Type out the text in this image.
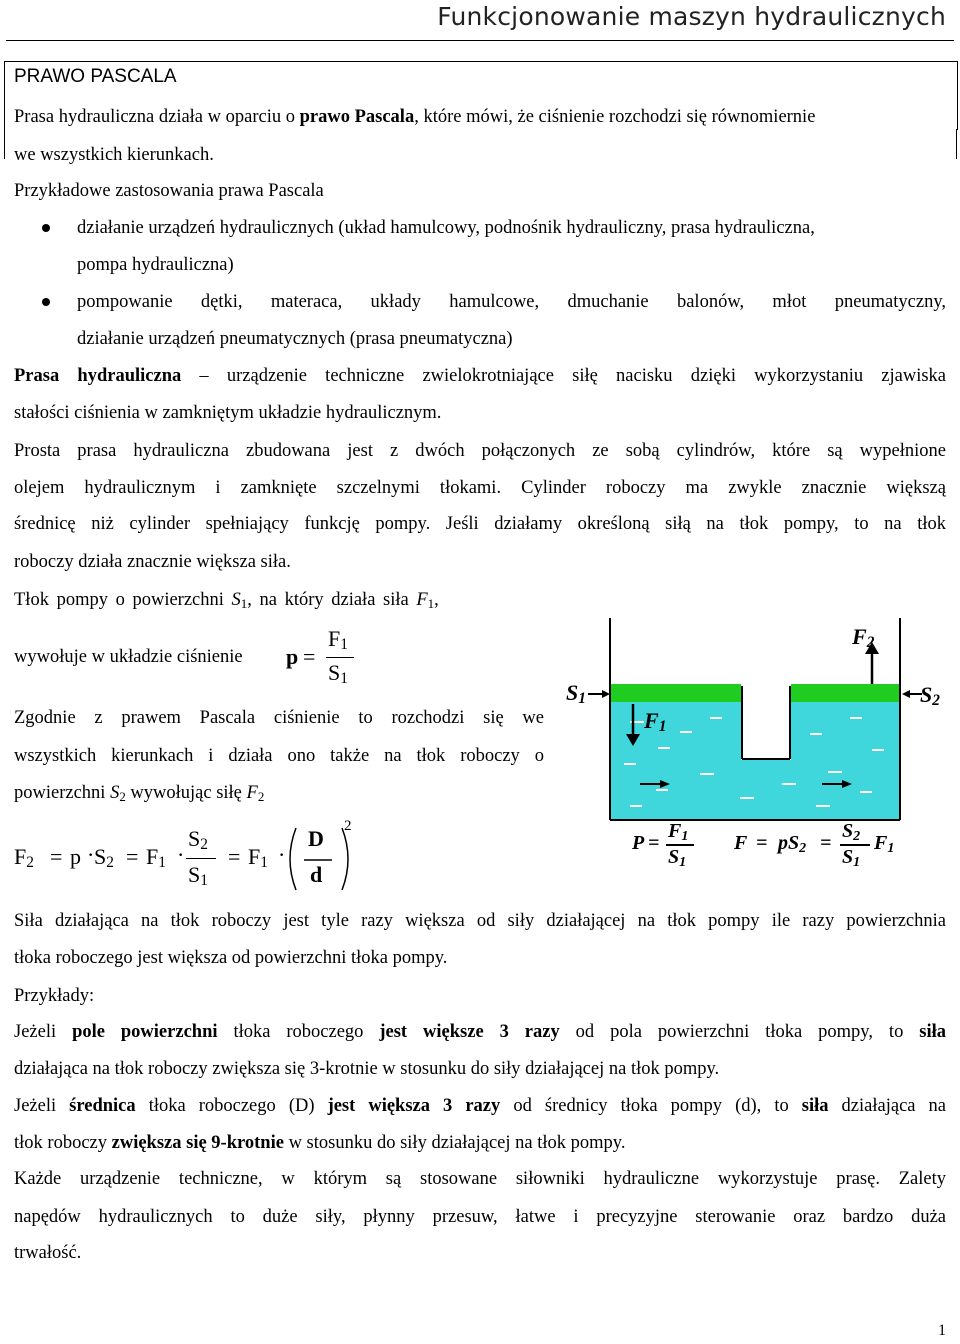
Funkcjonowanie maszyn hydraulicznych
PRAWO PASCALA
Prasa hydrauliczna działa w oparciu o prawo Pascala, które mówi, że ciśnienie rozchodzi się równomiernie
we wszystkich kierunkach.
Przykładowe zastosowania prawa Pascala
działanie urządzeń hydraulicznych (układ hamulcowy, podnośnik hydrauliczny, prasa hydrauliczna,
pompa hydrauliczna)
pompowanie dętki, materaca, układy hamulcowe, dmuchanie balonów, młot pneumatyczny,
działanie urządzeń pneumatycznych (prasa pneumatyczna)
Prasa hydrauliczna – urządzenie techniczne zwielokrotniające siłę nacisku dzięki wykorzystaniu zjawiska
stałości ciśnienia w zamkniętym układzie hydraulicznym.
Prosta prasa hydrauliczna zbudowana jest z dwóch połączonych ze sobą cylindrów, które są wypełnione
olejem hydraulicznym i zamknięte szczelnymi tłokami. Cylinder roboczy ma zwykle znacznie większą
średnicę niż cylinder spełniający funkcję pompy. Jeśli działamy określoną siłą na tłok pompy, to na tłok
roboczy działa znacznie większa siła.
Tłok pompy o powierzchni $S_1$, na który działa siła $F_1$,
wywołuje w układzie ciśnienie p =
$F_1$
$S_1$
Zgodnie z prawem Pascala ciśnienie to rozchodzi się we
wszystkich kierunkach i działa ono także na tłok roboczy o
powierzchni $S_2$ wywołując siłę $F_2$
$F_2 = p \cdot S_2 = F_1$ ·
$S_2$
$S_1$
= $F_1$ ·
D
d
2
$S_1$	$S_2$
$F_1$
$F_2$
P =
$F_1$
$S_1$
$F = pS_2$ =
$S_2$
$S_1$
$F_1$
Siła działająca na tłok roboczy jest tyle razy większa od siły działającej na tłok pompy ile razy powierzchnia
tłoka roboczego jest większa od powierzchni tłoka pompy.
Przykłady:
Jeżeli pole powierzchni tłoka roboczego jest większe 3 razy od pola powierzchni tłoka pompy, to siła
działająca na tłok roboczy zwiększa się 3-krotnie w stosunku do siły działającej na tłok pompy.
Jeżeli średnica tłoka roboczego (D) jest większa 3 razy od średnicy tłoka pompy (d), to siła działająca na
tłok roboczy zwiększa się 9-krotnie w stosunku do siły działającej na tłok pompy.
Każde urządzenie techniczne, w którym są stosowane siłowniki hydrauliczne wykorzystuje prasę. Zalety
napędów hydraulicznych to duże siły, płynny przesuw, łatwe i precyzyjne sterowanie oraz bardzo duża
trwałość.
1
